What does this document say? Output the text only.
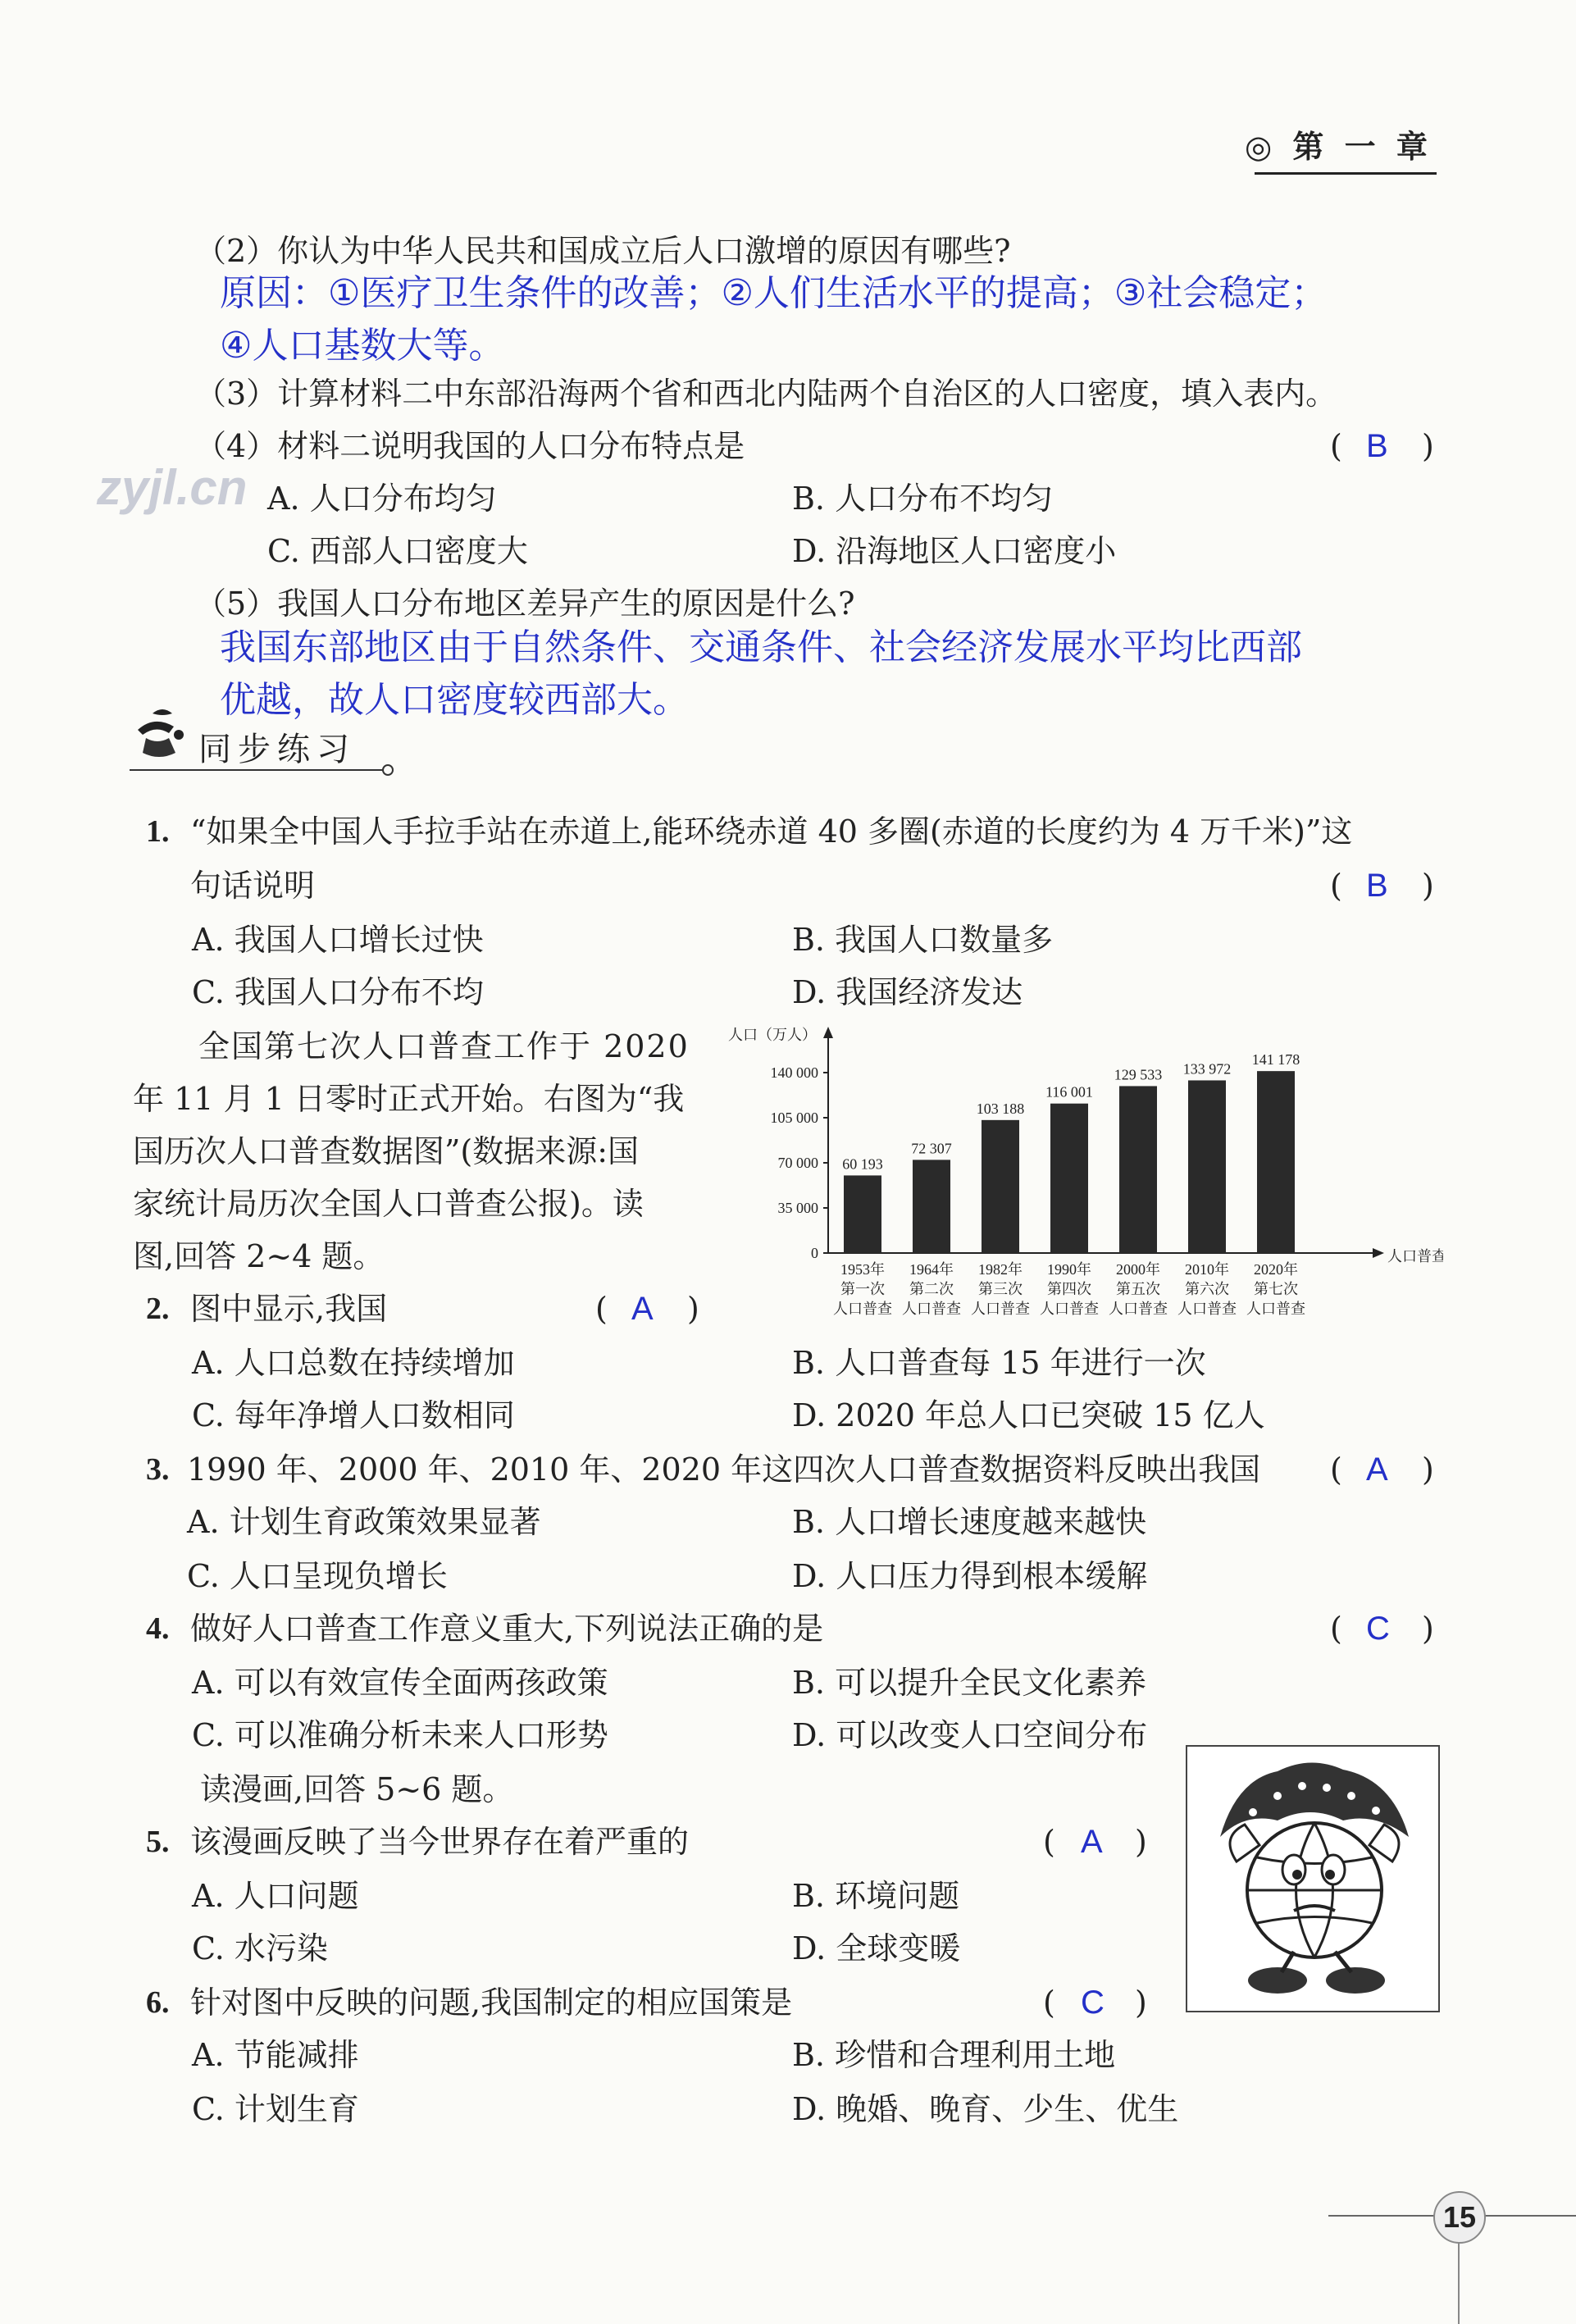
◎ 第 一 章
zyjl.cn
（2）你认为中华人民共和国成立后人口激增的原因有哪些?
原因：①医疗卫生条件的改善；②人们生活水平的提高；③社会稳定；
④人口基数大等。
（3）计算材料二中东部沿海两个省和西北内陆两个自治区的人口密度，填入表内。
（4）材料二说明我国的人口分布特点是	( B )
A. 人口分布均匀	B. 人口分布不均匀
C. 西部人口密度大	D. 沿海地区人口密度小
（5）我国人口分布地区差异产生的原因是什么?
我国东部地区由于自然条件、交通条件、社会经济发展水平均比西部
优越，故人口密度较西部大。
同步练习
1. “如果全中国人手拉手站在赤道上,能环绕赤道 40 多圈(赤道的长度约为 4 万千米)”这
句话说明	( B )
A. 我国人口增长过快	B. 我国人口数量多
C. 我国人口分布不均	D. 我国经济发达
全国第七次人口普查工作于 2020
年 11 月 1 日零时正式开始。右图为“我
国历次人口普查数据图”(数据来源:国
家统计局历次全国人口普查公报)。读
图,回答 2~4 题。
人口（万人）
人口普查
0
35 000
70 000
105 000
140 000
60 193
1953年
第一次
人口普查
72 307
1964年
第二次
人口普查
103 188
1982年
第三次
人口普查
116 001
1990年
第四次
人口普查
129 533
2000年
第五次
人口普查
133 972
2010年
第六次
人口普查
141 178
2020年
第七次
人口普查
2. 图中显示,我国	( A )
A. 人口总数在持续增加	B. 人口普查每 15 年进行一次
C. 每年净增人口数相同	D. 2020 年总人口已突破 15 亿人
3. 1990 年、2000 年、2010 年、2020 年这四次人口普查数据资料反映出我国 ( A )
A. 计划生育政策效果显著	B. 人口增长速度越来越快
C. 人口呈现负增长	D. 人口压力得到根本缓解
4. 做好人口普查工作意义重大,下列说法正确的是	( C )
A. 可以有效宣传全面两孩政策	B. 可以提升全民文化素养
C. 可以准确分析未来人口形势	D. 可以改变人口空间分布
读漫画,回答 5~6 题。
5. 该漫画反映了当今世界存在着严重的	( A )
A. 人口问题	B. 环境问题
C. 水污染	D. 全球变暖
6. 针对图中反映的问题,我国制定的相应国策是	( C )
A. 节能减排	B. 珍惜和合理利用土地
C. 计划生育	D. 晚婚、晚育、少生、优生
15
